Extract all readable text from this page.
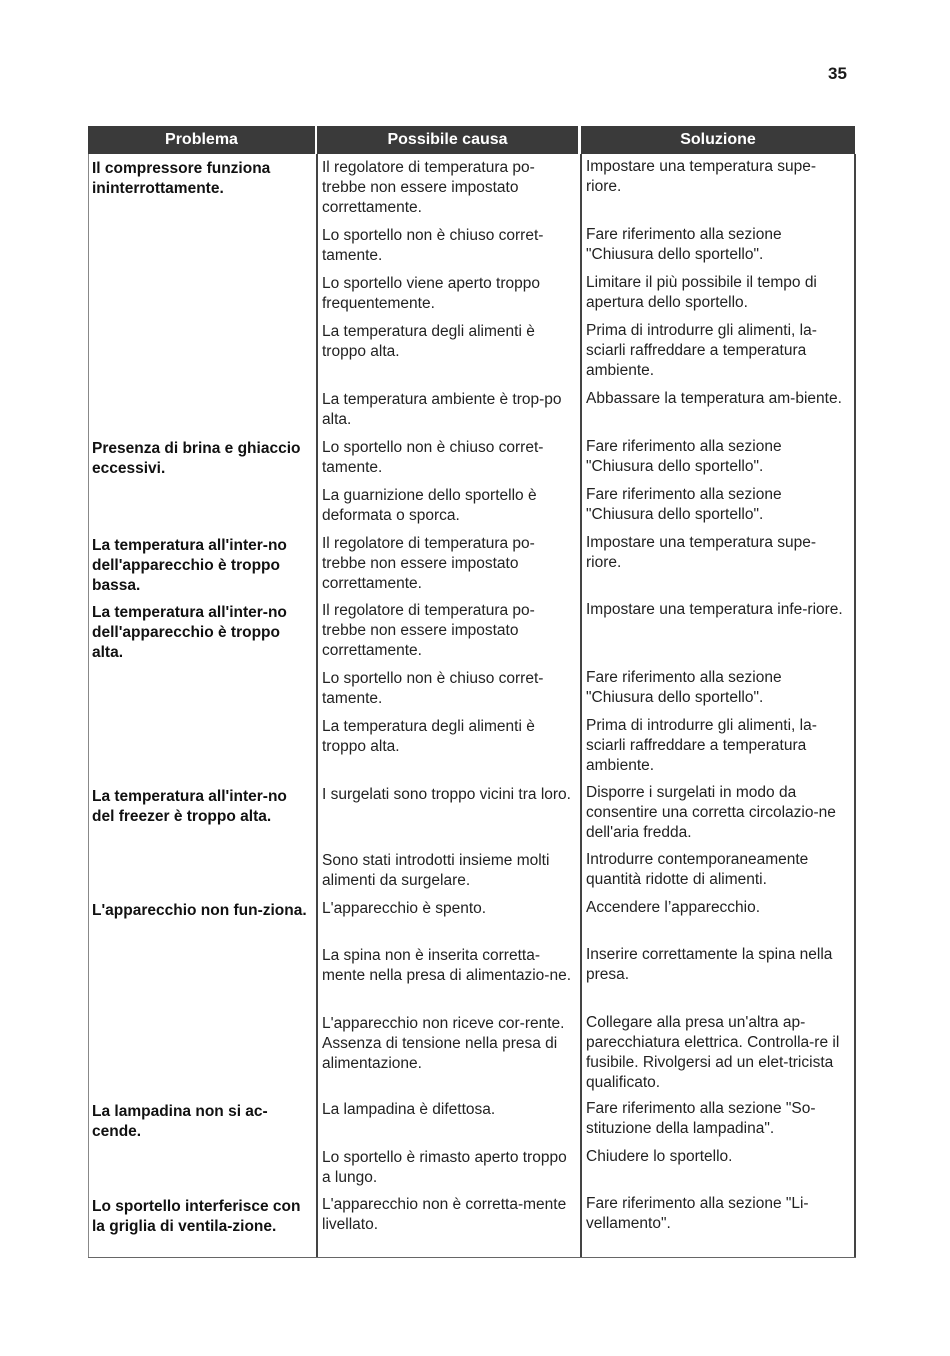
35
Problema	Possibile causa	Soluzione
Il compressore funziona ininterrottamente.
Presenza di brina e ghiaccio eccessivi.
La temperatura all'inter-no dell'apparecchio è troppo bassa.
La temperatura all'inter-no dell'apparecchio è troppo alta.
La temperatura all'inter-no del freezer è troppo alta.
L'apparecchio non fun-ziona.
La lampadina non si ac-cende.
Lo sportello interferisce con la griglia di ventila-zione.
Il regolatore di temperatura po-trebbe non essere impostato correttamente.
Lo sportello non è chiuso corret-tamente.
Lo sportello viene aperto troppo frequentemente.
La temperatura degli alimenti è troppo alta.
La temperatura ambiente è trop-po alta.
Lo sportello non è chiuso corret-tamente.
La guarnizione dello sportello è deformata o sporca.
Il regolatore di temperatura po-trebbe non essere impostato correttamente.
Il regolatore di temperatura po-trebbe non essere impostato correttamente.
Lo sportello non è chiuso corret-tamente.
La temperatura degli alimenti è troppo alta.
I surgelati sono troppo vicini tra loro.
Sono stati introdotti insieme molti alimenti da surgelare.
L'apparecchio è spento.
La spina non è inserita corretta-mente nella presa di alimentazio-ne.
L'apparecchio non riceve cor-rente. Assenza di tensione nella presa di alimentazione.
La lampadina è difettosa.
Lo sportello è rimasto aperto troppo a lungo.
L'apparecchio non è corretta-mente livellato.
Impostare una temperatura supe-riore.
Fare riferimento alla sezione "Chiusura dello sportello".
Limitare il più possibile il tempo di apertura dello sportello.
Prima di introdurre gli alimenti, la-sciarli raffreddare a temperatura ambiente.
Abbassare la temperatura am-biente.
Fare riferimento alla sezione "Chiusura dello sportello".
Fare riferimento alla sezione "Chiusura dello sportello".
Impostare una temperatura supe-riore.
Impostare una temperatura infe-riore.
Fare riferimento alla sezione "Chiusura dello sportello".
Prima di introdurre gli alimenti, la-sciarli raffreddare a temperatura ambiente.
Disporre i surgelati in modo da consentire una corretta circolazio-ne dell'aria fredda.
Introdurre contemporaneamente quantità ridotte di alimenti.
Accendere l’apparecchio.
Inserire correttamente la spina nella presa.
Collegare alla presa un'altra ap-parecchiatura elettrica. Controlla-re il fusibile. Rivolgersi ad un elet-tricista qualificato.
Fare riferimento alla sezione "So-stituzione della lampadina".
Chiudere lo sportello.
Fare riferimento alla sezione "Li-vellamento".
